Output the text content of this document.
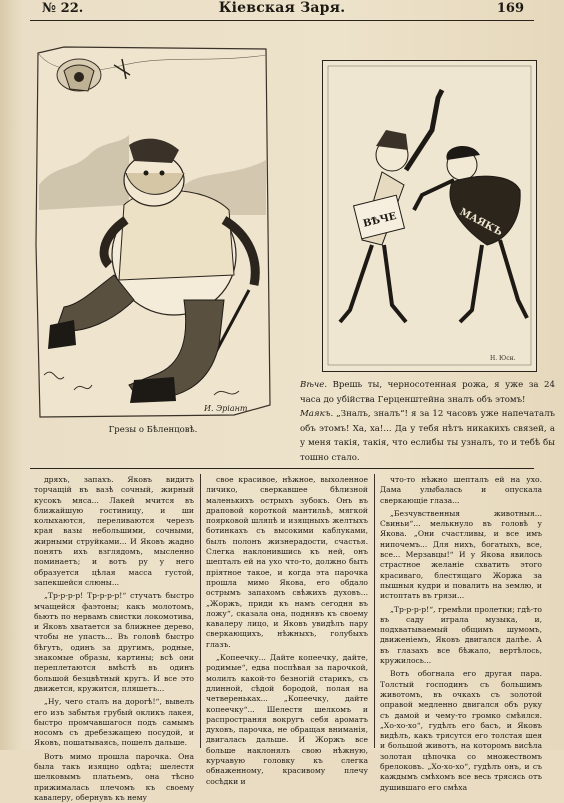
№ 22.	Кіевская Заря.	169
И. Эріант
Грезы о Бѣленцовѣ.
ВѢЧЕ	МАЯКЪ
Н. Юсн.
Вѣче. Врешь ты, черносотенная рожа, я уже за 24 часа до убійства Герценштейна зналъ объ этомъ!
Маякъ. „Зналъ, зналъ“! я за 12 часовъ уже напечаталъ объ этомъ! Ха, ха!... Да у тебя нѣтъ никакихъ связей, а у меня такія, такія, что еслибы ты узналъ, то и тебѣ бы тошно стало.

дряхъ, запахъ. Яковъ видитъ торчащій въ вазѣ сочный, жирный кусокъ мяса... Лакей мчится въ ближайшую гостиницу, и ши колыхаются, переливаются черезъ края вазы небольшими, сочными, жирными струйками... И Яковъ жадно понятъ ихъ взглядомъ, мысленно поминаетъ; и вотъ ру у него образуется цѣлая масса густой, запекшейся слюны...

„Тр-р-р-р! Тр-р-р-р!“ стучатъ быстро мчащейся фаэтоны; какъ молотомъ, бьютъ по нервамъ свистки локомотива, и Яковъ хватается за ближнее дерево, чтобы не упасть... Въ головѣ быстро бѣгутъ, одинъ за другимъ, родные, знакомые образы, картины; всѣ они переплетаются вмѣстѣ въ одинъ большой безцвѣтный кругъ. И все это движется, кружится, пляшетъ...

„Ну, чего сталъ на дорогѣ!“, вывелъ его изъ забытья грубый окликъ лакея, быстро промчавшагося подъ самымъ носомъ съ дребезжащею посудой, и Яковъ, пошатываясь, пошелъ дальше.

Вотъ мимо прошла парочка. Она была такъ изящно одѣта; шелестя шелковымъ платьемъ, она тѣсно прижималась плечомъ къ своему кавалеру, обернувъ къ нему

свое красивое, нѣжное, выхоленное личико, сверкавшее бѣлизной маленькихъ острыхъ зубокъ. Онъ въ драповой короткой мантильѣ, мягкой поярковой шляпѣ и изящныхъ желтыхъ ботинкахъ съ высокими каблуками, былъ полонъ жизнерадости, счастья. Слегка наклонившись къ ней, онъ шепталъ ей на ухо что-то, должно быть пріятное такое, и когда эта парочка прошла мимо Якова, его обдало острымъ запахомъ свѣжихъ духовъ... „Жоржъ, приди къ намъ сегодня въ ложу“, сказала она, поднявъ къ своему кавалеру лицо, и Яковъ увидѣлъ пару сверкающихъ, нѣжныхъ, голубыхъ глазъ.

„Копеечку... Дайте копеечку, дайте, родимые“, едва поспѣвая за парочкой, молилъ какой-то безногій старикъ, съ длинной, сѣдой бородой, полая на четвереньках... „Копеечку, дайте копеечку“... Шелестя шелкомъ и распространяя вокругъ себя ароматъ духовъ, парочка, не обращая вниманія, двигалась дальше. И Жоржъ все больше наклонялъ свою нѣжную, курчавую головку къ слегка обнаженному, красивому плечу сосѣдки и

что-то нѣжно шепталъ ей на ухо. Дама улыбалась и опускала сверкающіе глаза...

„Безчувственныя животныя... Свиньи“... мелькнуло въ головѣ у Якова. „Они счастливы, и все имъ нипочемъ... Для нихъ, богатыхъ, все, все... Мерзавцы!“ И у Якова явилось страстное желаніе схватить этого красиваго, блестящаго Жоржа за пышныя кудри и повалить на землю, и истоптать въ грязи...

„Тр-р-р-р!“, гремѣли пролетки; гдѣ-то въ саду играла музыка, и, подхватываемый общимъ шумомъ, движеніемъ, Яковъ двигался далѣе. А въ глазахъ все бѣжало, вертѣлось, кружилось...

Вотъ обогнала его другая пара. Толстый господинъ съ большимъ животомъ, въ очкахъ съ золотой оправой медленно двигался объ руку съ дамой и чему-то громко смѣялся. „Хо-хо-хо“, гудѣлъ его басъ, и Яковъ видѣлъ, какъ трясутся его толстая шея и большой животъ, на которомъ висѣла золотая цѣпочка со множествомъ брелоковъ. „Хо-хо-хо“, гудѣлъ онъ, и съ каждымъ смѣхомъ все весь трясясь отъ душившаго его смѣха
